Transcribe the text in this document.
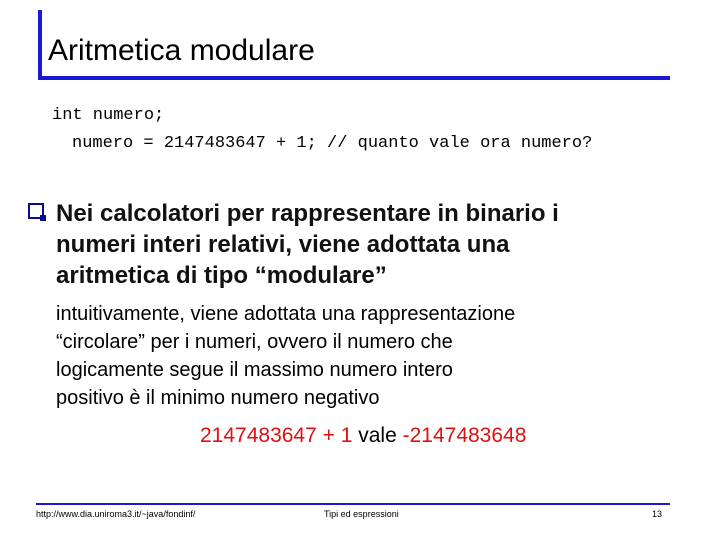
Aritmetica modulare
int numero;
numero = 2147483647 + 1; // quanto vale ora numero?
Nei calcolatori per rappresentare in binario i
numeri interi relativi, viene adottata una
aritmetica di tipo “modulare”
intuitivamente, viene adottata una rappresentazione
“circolare” per i numeri, ovvero il numero che
logicamente segue il massimo numero intero
positivo è il minimo numero negativo
2147483647 + 1 vale -2147483648
http://www.dia.uniroma3.it/~java/fondinf/	Tipi ed espressioni	13
